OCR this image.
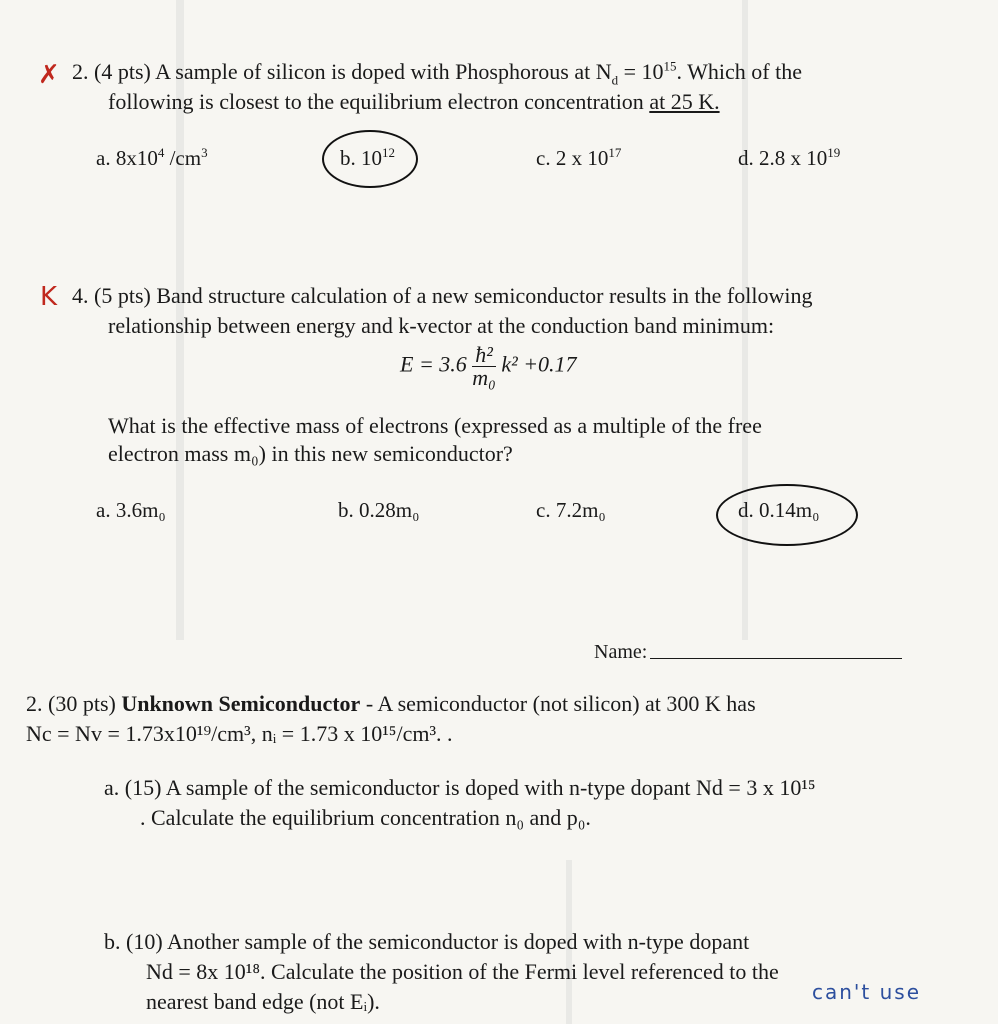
✗ 2. (4 pts) A sample of silicon is doped with Phosphorous at $N_d = 10^{15}$. Which of the
following is closest to the equilibrium electron concentration at 25 K.
a. $8x10^4$ $/cm^3$	b. $10^{12}$	c. 2 x $10^{17}$	d. 2.8 x $10^{19}$
K 4. (5 pts) Band structure calculation of a new semiconductor results in the following
relationship between energy and k-vector at the conduction band minimum:
$E = 3.6 \frac{\text{ħ²}}{\text{m₀}} k^2 +0.17$
What is the effective mass of electrons (expressed as a multiple of the free
electron mass m₀) in this new semiconductor?
a. 3.6m₀	b. 0.28m₀	c. 7.2m₀	d. 0.14m₀
Name:
2. (30 pts) Unknown Semiconductor - A semiconductor (not silicon) at 300 K has
Nc = Nv = 1.73x10¹⁹/cm³, nᵢ = 1.73 x 10¹⁵/cm³. .
a. (15) A sample of the semiconductor is doped with n-type dopant Nd = 3 x 10¹⁵
. Calculate the equilibrium concentration n₀ and p₀.
b. (10) Another sample of the semiconductor is doped with n-type dopant
Nd = 8x 10¹⁸. Calculate the position of the Fermi level referenced to the
nearest band edge (not Eᵢ).	can't use
